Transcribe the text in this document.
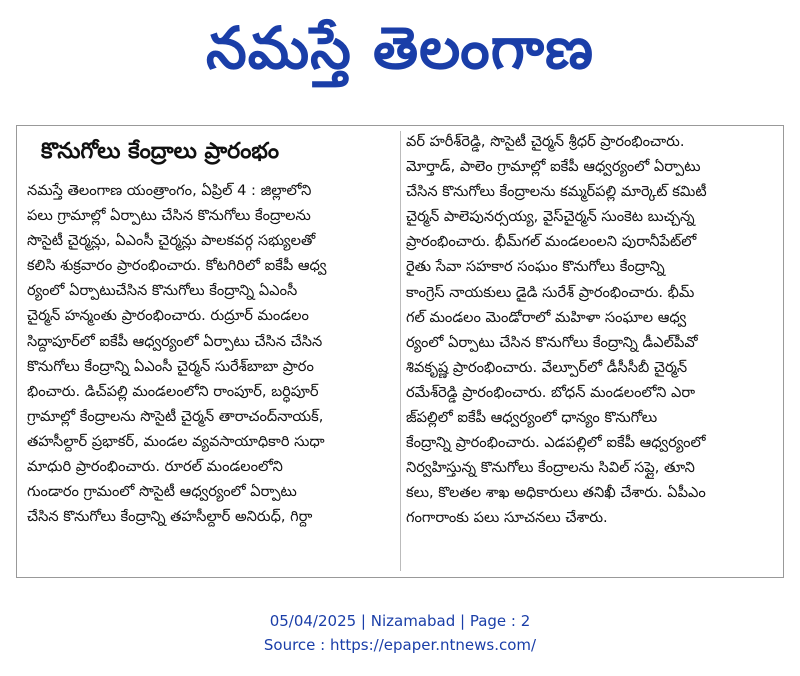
నమస్తే తెలంగాణ
కొనుగోలు కేంద్రాలు ప్రారంభం
నమస్తే తెలంగాణ యంత్రాంగం, ఏప్రిల్ 4 : జిల్లాలోని
పలు గ్రామాల్లో ఏర్పాటు చేసిన కొనుగోలు కేంద్రాలను
సొసైటీ చైర్మన్లు, ఏఎంసీ చైర్మన్లు పాలకవర్గ సభ్యులతో
కలిసి శుక్రవారం ప్రారంభించారు. కోటగిరిలో ఐకేపీ ఆధ్వ
ర్యంలో ఏర్పాటుచేసిన కొనుగోలు కేంద్రాన్ని ఏఎంసీ
చైర్మన్ హన్మంతు ప్రారంభించారు. రుద్రూర్ మండలం
సిద్దాపూర్‌లో ఐకేపీ ఆధ్వర్యంలో ఏర్పాటు చేసిన చేసిన
కొనుగోలు కేంద్రాన్ని ఏఎంసీ చైర్మన్ సురేశ్‌బాబా ప్రారం
భించారు. డిచ్‌పల్లి మండలంలోని రాంపూర్, బర్ధిపూర్
గ్రామాల్లో కేంద్రాలను సొసైటీ చైర్మన్ తారాచంద్‌నాయక్,
తహసీల్దార్ ప్రభాకర్, మండల వ్యవసాయాధికారి సుధా
మాధురి ప్రారంభించారు. రూరల్ మండలంలోని
గుండారం గ్రామంలో సొసైటీ ఆధ్వర్యంలో ఏర్పాటు
చేసిన కొనుగోలు కేంద్రాన్ని తహసీల్దార్ అనిరుధ్, గిర్దా
వర్ హరీశ్‌రెడ్డి, సొసైటీ చైర్మన్ శ్రీధర్ ప్రారంభించారు.
మోర్తాడ్, పాలెం గ్రామాల్లో ఐకేపీ ఆధ్వర్యంలో ఏర్పాటు
చేసిన కొనుగోలు కేంద్రాలను కమ్మర్‌పల్లి మార్కెట్ కమిటీ
చైర్మన్ పాలెపునర్సయ్య, వైస్‌చైర్మన్ సుంకెట బుచ్చన్న
ప్రారంభించారు. భీమ్‌గల్ మండలంలని పురానీపేట్‌లో
రైతు సేవా సహకార సంఘం కొనుగోలు కేంద్రాన్ని
కాంగ్రెస్ నాయకులు డైడి సురేశ్ ప్రారంభించారు. భీమ్
గల్ మండలం మెండోరాలో మహిళా సంఘాల ఆధ్వ
ర్యంలో ఏర్పాటు చేసిన కొనుగోలు కేంద్రాన్ని డీఎల్‌పీవో
శివకృష్ణ ప్రారంభించారు. వేల్పూర్‌లో డీసీసీబీ చైర్మన్
రమేశ్‌రెడ్డి ప్రారంభించారు. బోధన్ మండలంలోని ఎరా
జ్‌పల్లిలో ఐకేపీ ఆధ్వర్యంలో ధాన్యం కొనుగోలు
కేంద్రాన్ని ప్రారంభించారు. ఎడపల్లిలో ఐకేపీ ఆధ్వర్యంలో
నిర్వహిస్తున్న కొనుగోలు కేంద్రాలను సివిల్ సప్లై, తూని
కలు, కొలతల శాఖ అధికారులు తనిఖీ చేశారు. ఏపీఎం
గంగారాంకు పలు సూచనలు చేశారు.
05/04/2025 | Nizamabad | Page : 2
Source : https://epaper.ntnews.com/
